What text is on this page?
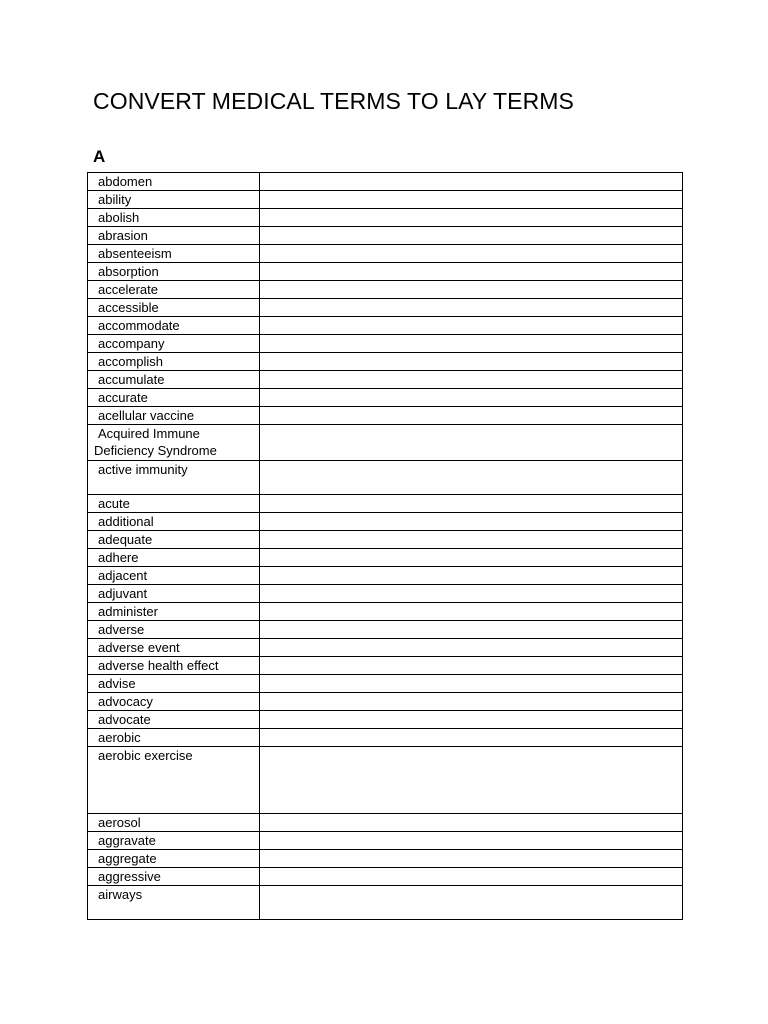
CONVERT MEDICAL TERMS TO LAY TERMS
A
abdomen	
ability	
abolish	
abrasion	
absenteeism	
absorption	
accelerate	
accessible	
accommodate	
accompany	
accomplish	
accumulate	
accurate	
acellular vaccine	
Acquired Immune
Deficiency Syndrome	

active immunity	
acute	
additional	
adequate	
adhere	
adjacent	
adjuvant	
administer	
adverse	
adverse event	
adverse health effect	
advise	
advocacy	
advocate	
aerobic	
aerobic exercise	
aerosol	
aggravate	
aggregate	
aggressive	
airways	
